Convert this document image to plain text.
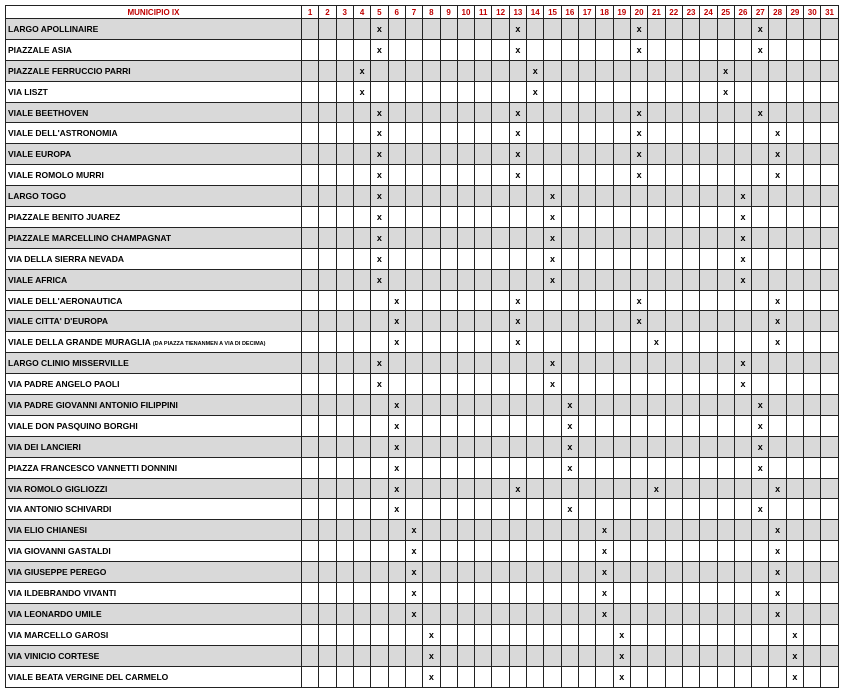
MUNICIPIO IX	1	2	3	4	5	6	7	8	9	10	11	12	13	14	15	16	17	18	19	20	21	22	23	24	25	26	27	28	29	30	31
LARGO APOLLINAIRE					x								x							x							x				
PIAZZALE ASIA					x								x							x							x				
PIAZZALE FERRUCCIO PARRI				x										x											x						
VIA LISZT				x										x											x						
VIALE BEETHOVEN					x								x							x							x				
VIALE DELL'ASTRONOMIA					x								x							x								x			
VIALE EUROPA					x								x							x								x			
VIALE ROMOLO MURRI					x								x							x								x			
LARGO TOGO					x										x											x					
PIAZZALE BENITO JUAREZ					x										x											x					
PIAZZALE MARCELLINO CHAMPAGNAT					x										x											x					
VIA DELLA SIERRA NEVADA					x										x											x					
VIALE AFRICA					x										x											x					
VIALE DELL'AERONAUTICA						x							x							x								x			
VIALE CITTA' D'EUROPA						x							x							x								x			
VIALE DELLA GRANDE MURAGLIA (DA PIAZZA TIENANMEN A VIA DI DECIMA)						x							x								x							x			
LARGO CLINIO MISSERVILLE					x										x											x					
VIA PADRE ANGELO PAOLI					x										x											x					
VIA PADRE GIOVANNI ANTONIO FILIPPINI						x										x											x				
VIALE DON PASQUINO BORGHI						x										x											x				
VIA DEI LANCIERI						x										x											x				
PIAZZA FRANCESCO VANNETTI DONNINI						x										x											x				
VIA ROMOLO GIGLIOZZI						x							x								x							x			
VIA ANTONIO SCHIVARDI						x										x											x				
VIA ELIO CHIANESI							x											x										x			
VIA GIOVANNI GASTALDI							x											x										x			
VIA GIUSEPPE PEREGO							x											x										x			
VIA ILDEBRANDO VIVANTI							x											x										x			
VIA LEONARDO UMILE							x											x										x			
VIA MARCELLO GAROSI								x											x										x		
VIA VINICIO CORTESE								x											x										x		
VIALE BEATA VERGINE DEL CARMELO								x											x										x		
